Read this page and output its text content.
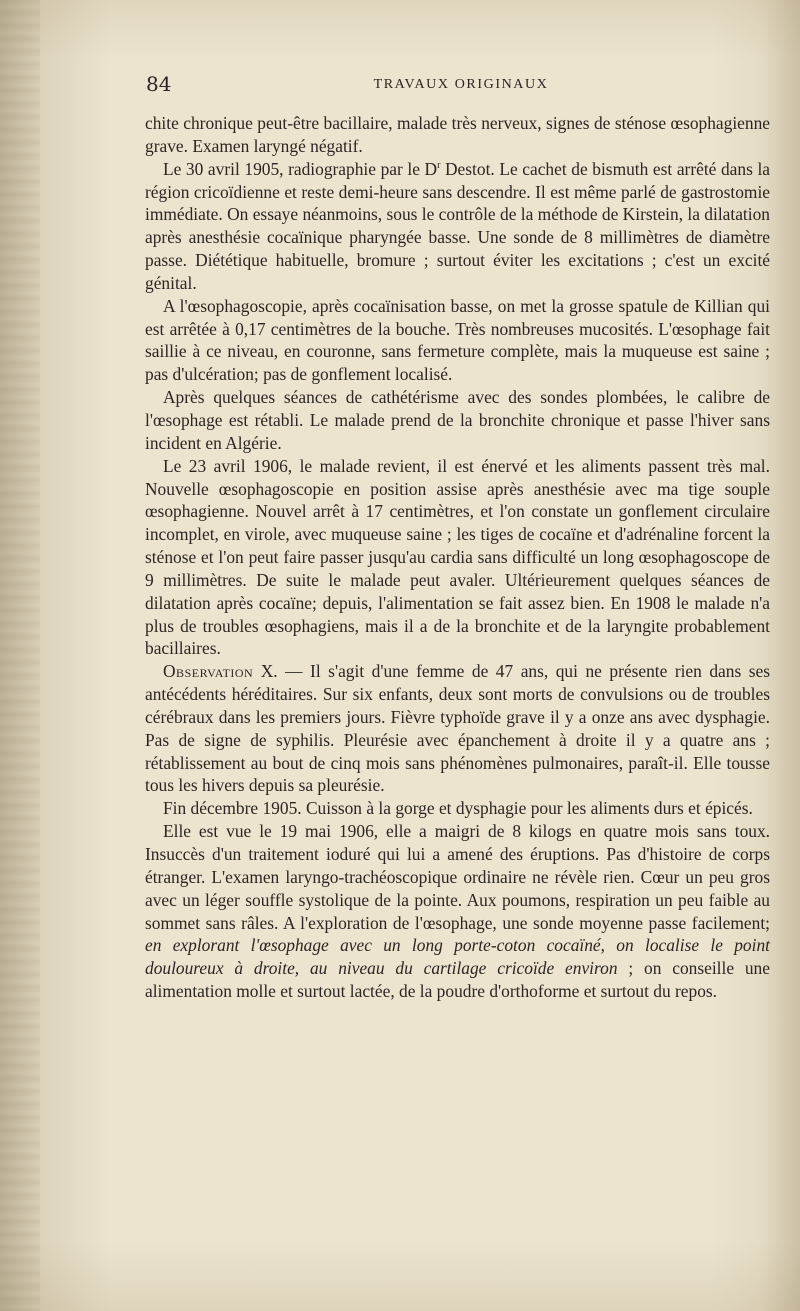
84	TRAVAUX ORIGINAUX

chite chronique peut-être bacillaire, malade très nerveux, signes de sténose œsophagienne grave. Examen laryngé négatif.

Le 30 avril 1905, radiographie par le $D^r$ Destot. Le cachet de bismuth est arrêté dans la région cricoïdienne et reste demi-heure sans descendre. Il est même parlé de gastrostomie immédiate. On essaye néanmoins, sous le contrôle de la méthode de Kirstein, la dilatation après anesthésie cocaïnique pharyngée basse. Une sonde de 8 millimètres de diamètre passe. Diététique habituelle, bromure ; surtout éviter les excitations ; c'est un excité génital.

A l'œsophagoscopie, après cocaïnisation basse, on met la grosse spatule de Killian qui est arrêtée à 0,17 centimètres de la bouche. Très nombreuses mucosités. L'œsophage fait saillie à ce niveau, en couronne, sans fermeture complète, mais la muqueuse est saine ; pas d'ulcération; pas de gonflement localisé.

Après quelques séances de cathétérisme avec des sondes plombées, le calibre de l'œsophage est rétabli. Le malade prend de la bronchite chronique et passe l'hiver sans incident en Algérie.

Le 23 avril 1906, le malade revient, il est énervé et les aliments passent très mal. Nouvelle œsophagoscopie en position assise après anesthésie avec ma tige souple œsophagienne. Nouvel arrêt à 17 centimètres, et l'on constate un gonflement circulaire incomplet, en virole, avec muqueuse saine ; les tiges de cocaïne et d'adrénaline forcent la sténose et l'on peut faire passer jusqu'au cardia sans difficulté un long œsophagoscope de 9 millimètres. De suite le malade peut avaler. Ultérieurement quelques séances de dilatation après cocaïne; depuis, l'alimentation se fait assez bien. En 1908 le malade n'a plus de troubles œsophagiens, mais il a de la bronchite et de la laryngite probablement bacillaires.

Observation X. — Il s'agit d'une femme de 47 ans, qui ne présente rien dans ses antécédents héréditaires. Sur six enfants, deux sont morts de convulsions ou de troubles cérébraux dans les premiers jours. Fièvre typhoïde grave il y a onze ans avec dysphagie. Pas de signe de syphilis. Pleurésie avec épanchement à droite il y a quatre ans ; rétablissement au bout de cinq mois sans phénomènes pulmonaires, paraît-il. Elle tousse tous les hivers depuis sa pleurésie.

Fin décembre 1905. Cuisson à la gorge et dysphagie pour les aliments durs et épicés.

Elle est vue le 19 mai 1906, elle a maigri de 8 kilogs en quatre mois sans toux. Insuccès d'un traitement ioduré qui lui a amené des éruptions. Pas d'histoire de corps étranger. L'examen laryngo-trachéoscopique ordinaire ne révèle rien. Cœur un peu gros avec un léger souffle systolique de la pointe. Aux poumons, respiration un peu faible au sommet sans râles. A l'exploration de l'œsophage, une sonde moyenne passe facilement; en explorant l'œsophage avec un long porte-coton cocaïné, on localise le point douloureux à droite, au niveau du cartilage cricoïde environ ; on conseille une alimentation molle et surtout lactée, de la poudre d'orthoforme et surtout du repos.
